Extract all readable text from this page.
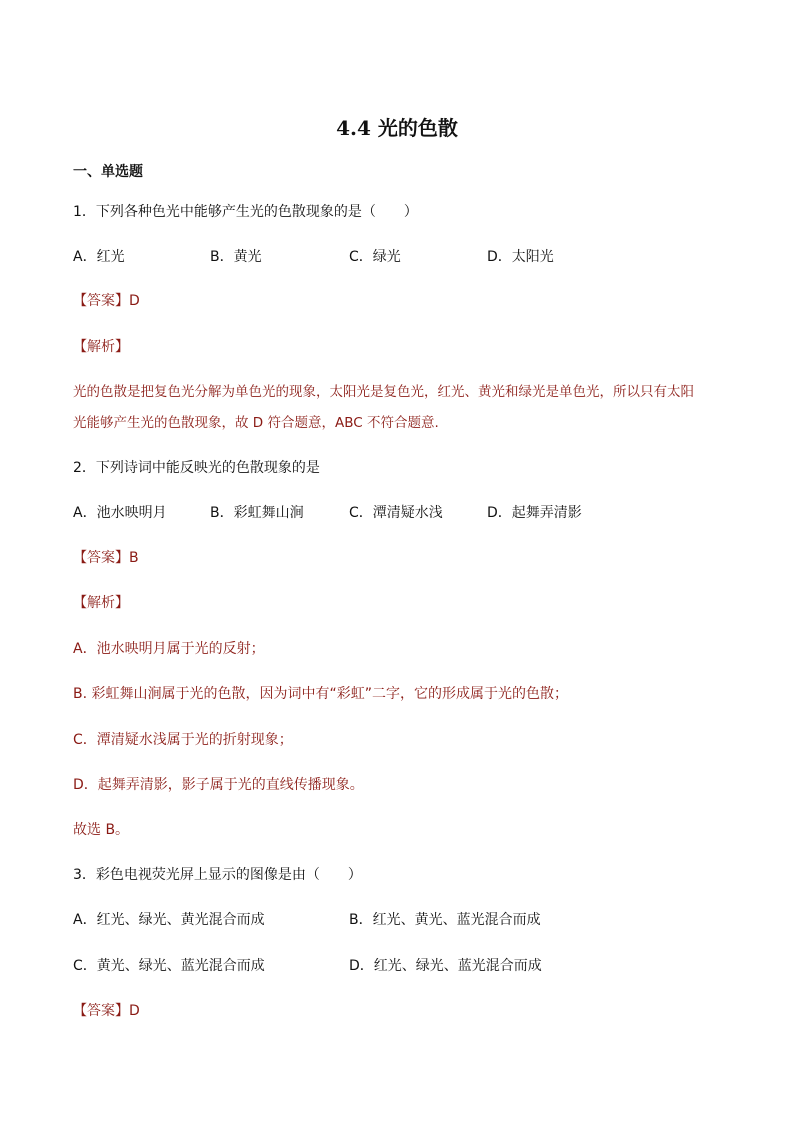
4.4 光的色散
一、单选题
1．下列各种色光中能够产生光的色散现象的是（　　）
A．红光	B．黄光	C．绿光	D．太阳光
【答案】D
【解析】
光的色散是把复色光分解为单色光的现象，太阳光是复色光，红光、黄光和绿光是单色光，所以只有太阳
光能够产生光的色散现象，故 D 符合题意，ABC 不符合题意.
2．下列诗词中能反映光的色散现象的是
A．池水映明月	B．彩虹舞山涧	C．潭清疑水浅	D．起舞弄清影
【答案】B
【解析】
A．池水映明月属于光的反射；
B. 彩虹舞山涧属于光的色散，因为词中有“彩虹”二字，它的形成属于光的色散；
C．潭清疑水浅属于光的折射现象；
D．起舞弄清影，影子属于光的直线传播现象。
故选 B。
3．彩色电视荧光屏上显示的图像是由（　　）
A．红光、绿光、黄光混合而成	B．红光、黄光、蓝光混合而成
C．黄光、绿光、蓝光混合而成	D．红光、绿光、蓝光混合而成
【答案】D
